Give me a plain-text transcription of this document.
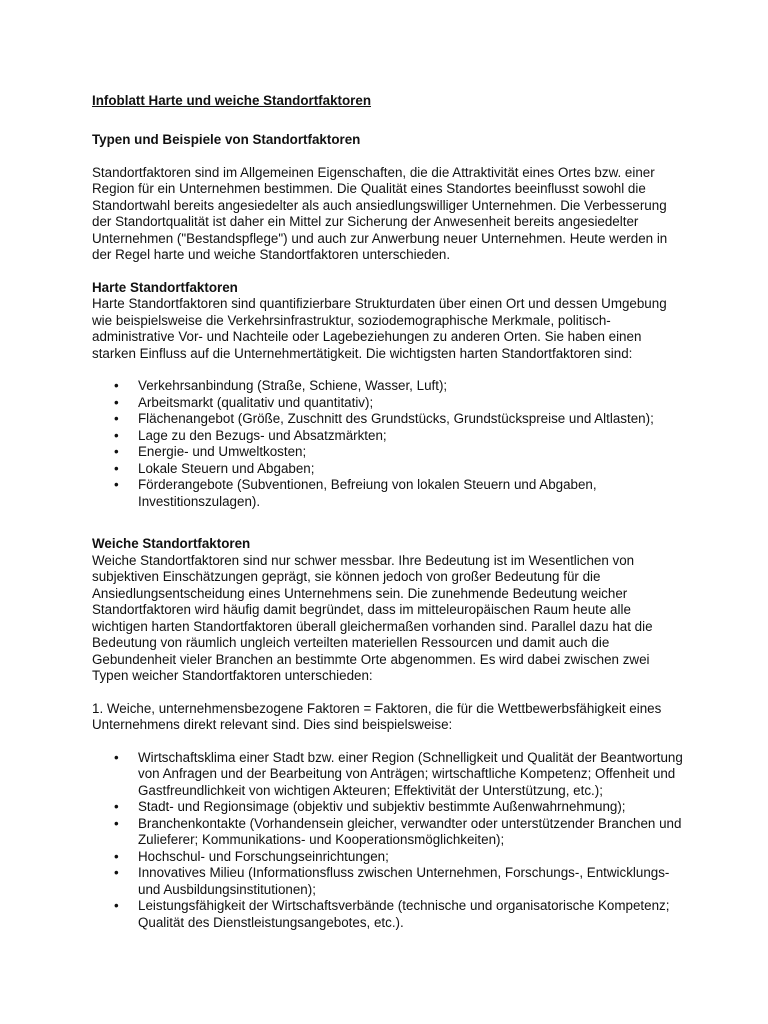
Infoblatt Harte und weiche Standortfaktoren
Typen und Beispiele von Standortfaktoren

Standortfaktoren sind im Allgemeinen Eigenschaften, die die Attraktivität eines Ortes bzw. einer Region für ein Unternehmen bestimmen. Die Qualität eines Standortes beeinflusst sowohl die Standortwahl bereits angesiedelter als auch ansiedlungswilliger Unternehmen. Die Verbesserung der Standortqualität ist daher ein Mittel zur Sicherung der Anwesenheit bereits angesiedelter Unternehmen ("Bestandspflege") und auch zur Anwerbung neuer Unternehmen. Heute werden in der Regel harte und weiche Standortfaktoren unterschieden.

Harte Standortfaktoren

Harte Standortfaktoren sind quantifizierbare Strukturdaten über einen Ort und dessen Umgebung wie beispielsweise die Verkehrsinfrastruktur, soziodemographische Merkmale, politisch-administrative Vor- und Nachteile oder Lagebeziehungen zu anderen Orten. Sie haben einen starken Einfluss auf die Unternehmertätigkeit. Die wichtigsten harten Standortfaktoren sind:

• Verkehrsanbindung (Straße, Schiene, Wasser, Luft);
• Arbeitsmarkt (qualitativ und quantitativ);
• Flächenangebot (Größe, Zuschnitt des Grundstücks, Grundstückspreise und Altlasten);
• Lage zu den Bezugs- und Absatzmärkten;
• Energie- und Umweltkosten;
• Lokale Steuern und Abgaben;
• Förderangebote (Subventionen, Befreiung von lokalen Steuern und Abgaben, Investitionszulagen).
Weiche Standortfaktoren

Weiche Standortfaktoren sind nur schwer messbar. Ihre Bedeutung ist im Wesentlichen von subjektiven Einschätzungen geprägt, sie können jedoch von großer Bedeutung für die Ansiedlungsentscheidung eines Unternehmens sein. Die zunehmende Bedeutung weicher Standortfaktoren wird häufig damit begründet, dass im mitteleuropäischen Raum heute alle wichtigen harten Standortfaktoren überall gleichermaßen vorhanden sind. Parallel dazu hat die Bedeutung von räumlich ungleich verteilten materiellen Ressourcen und damit auch die Gebundenheit vieler Branchen an bestimmte Orte abgenommen. Es wird dabei zwischen zwei Typen weicher Standortfaktoren unterschieden:

1. Weiche, unternehmensbezogene Faktoren = Faktoren, die für die Wettbewerbsfähigkeit eines Unternehmens direkt relevant sind. Dies sind beispielsweise:

• Wirtschaftsklima einer Stadt bzw. einer Region (Schnelligkeit und Qualität der Beantwortung von Anfragen und der Bearbeitung von Anträgen; wirtschaftliche Kompetenz; Offenheit und Gastfreundlichkeit von wichtigen Akteuren; Effektivität der Unterstützung, etc.);
• Stadt- und Regionsimage (objektiv und subjektiv bestimmte Außenwahrnehmung);
• Branchenkontakte (Vorhandensein gleicher, verwandter oder unterstützender Branchen und Zulieferer; Kommunikations- und Kooperationsmöglichkeiten);
• Hochschul- und Forschungseinrichtungen;
• Innovatives Milieu (Informationsfluss zwischen Unternehmen, Forschungs-, Entwicklungs- und Ausbildungsinstitutionen);
• Leistungsfähigkeit der Wirtschaftsverbände (technische und organisatorische Kompetenz; Qualität des Dienstleistungsangebotes, etc.).
